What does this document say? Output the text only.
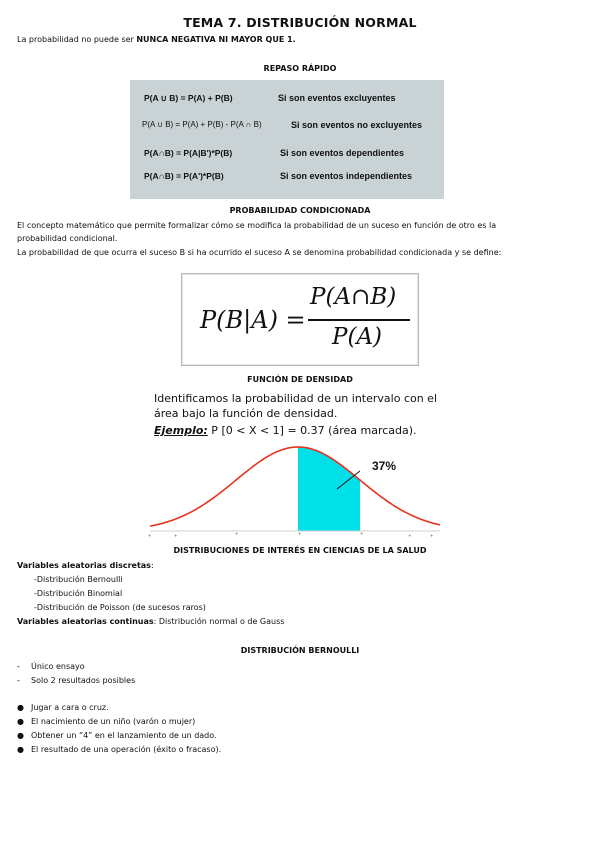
TEMA 7. DISTRIBUCIÓN NORMAL
La probabilidad no puede ser NUNCA NEGATIVA NI MAYOR QUE 1.
REPASO RÁPIDO
P(A ∪ B) = P(A) + P(B)	Si son eventos excluyentes
P(A ∪ B) = P(A) + P(B) - P(A ∩ B)	Si son eventos no excluyentes
P(A∩B) = P(A|B')*P(B)	Si son eventos dependientes
P(A∩B) = P(A')*P(B)	Si son eventos independientes
PROBABILIDAD CONDICIONADA
El concepto matemático que permite formalizar cómo se modifica la probabilidad de un suceso en función de otro es la
probabilidad condicional.
La probabilidad de que ocurra el suceso B si ha ocurrido el suceso A se denomina probabilidad condicionada y se define:
P(B|A) =
P(A∩B)
P(A)
FUNCIÓN DE DENSIDAD
Identificamos la probabilidad de un intervalo con el
área bajo la función de densidad.
Ejemplo: P [0 < X < 1] = 0.37 (área marcada).
37%
+	+	+	+	+	+	+
DISTRIBUCIONES DE INTERÉS EN CIENCIAS DE LA SALUD
Variables aleatorias discretas:
-Distribución Bernoulli
-Distribución Binomial
-Distribución de Poisson (de sucesos raros)
Variables aleatorias continuas: Distribución normal o de Gauss
DISTRIBUCIÓN BERNOULLI
- Único ensayo
- Solo 2 resultados posibles
● Jugar a cara o cruz.
● El nacimiento de un niño (varón o mujer)
● Obtener un “4” en el lanzamiento de un dado.
● El resultado de una operación (éxito o fracaso).
